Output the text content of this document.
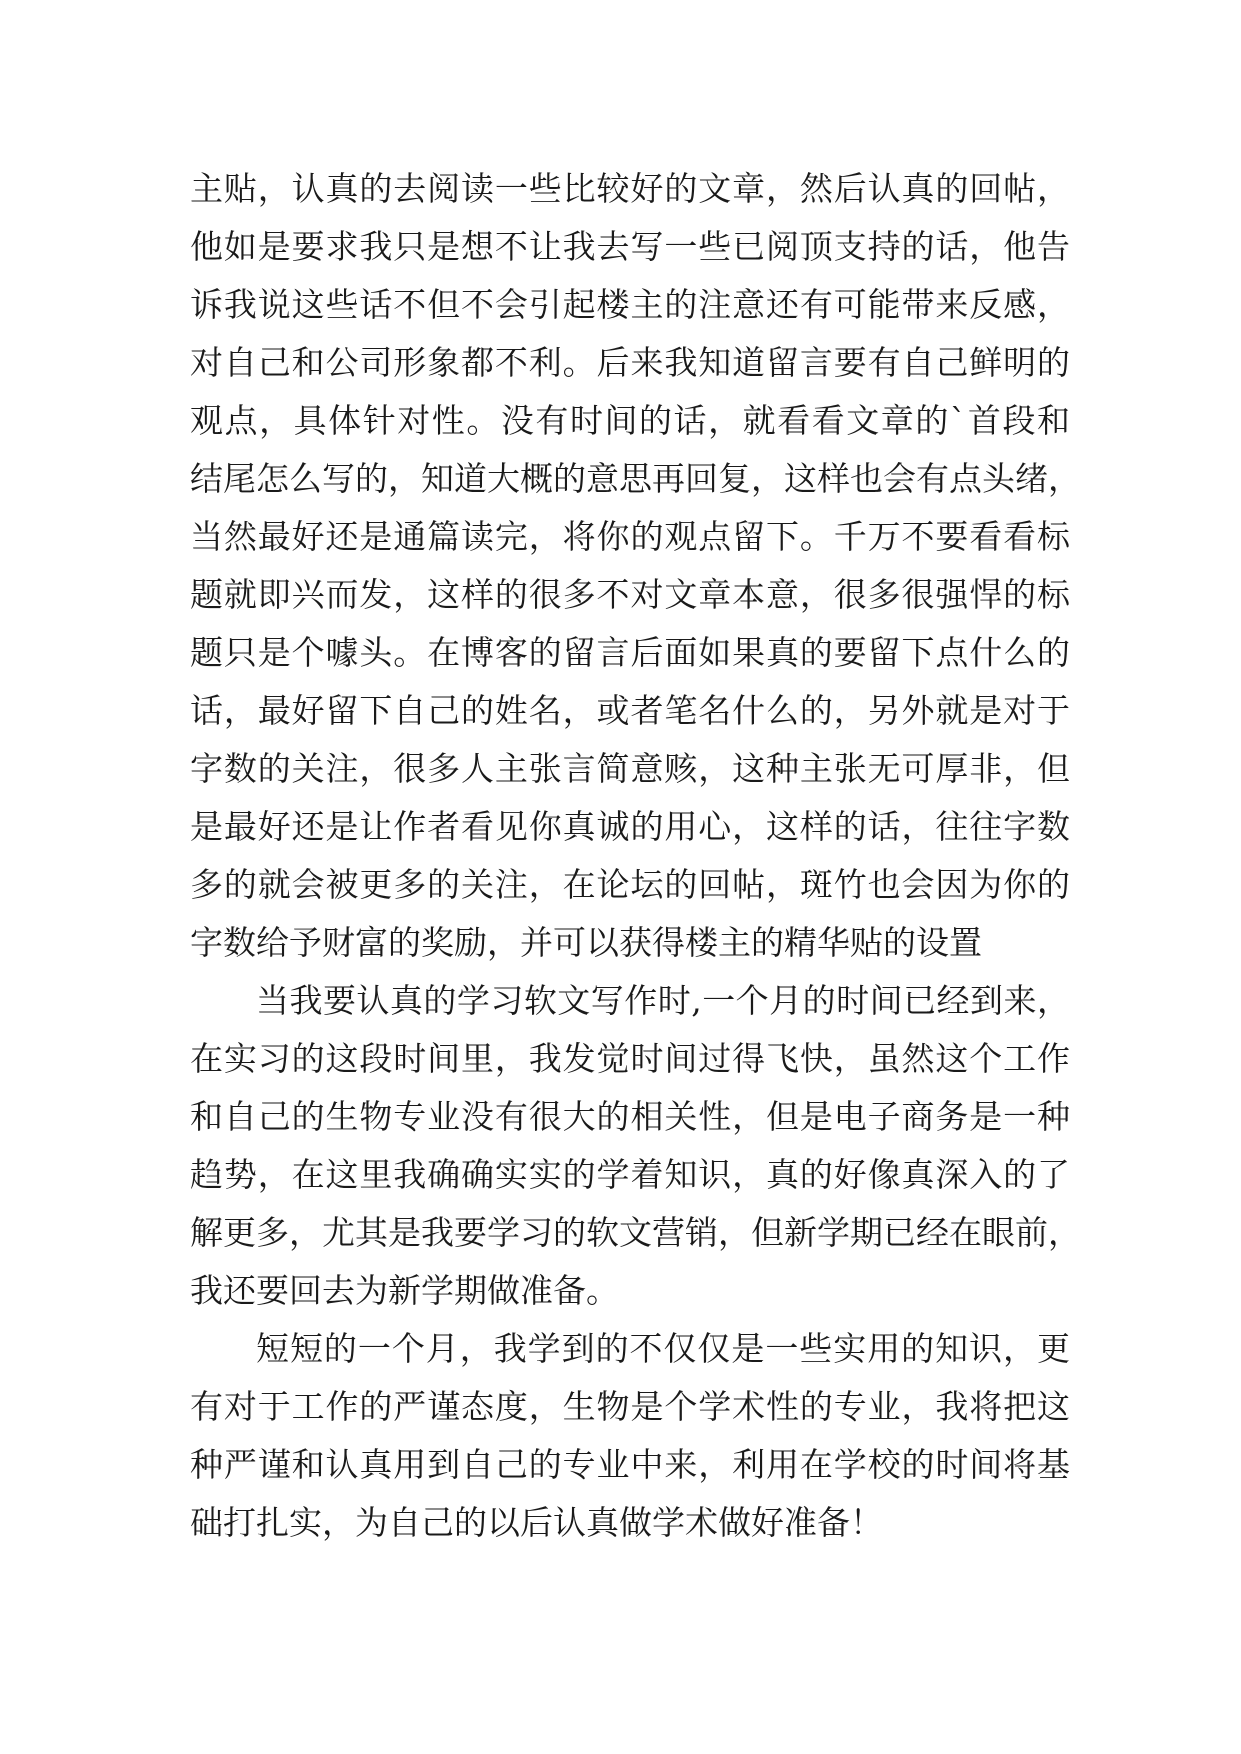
主贴，认真的去阅读一些比较好的文章，然后认真的回帖，
他如是要求我只是想不让我去写一些已阅顶支持的话，他告
诉我说这些话不但不会引起楼主的注意还有可能带来反感，
对自己和公司形象都不利。后来我知道留言要有自己鲜明的
观点，具体针对性。没有时间的话，就看看文章的`首段和
结尾怎么写的，知道大概的意思再回复，这样也会有点头绪，
当然最好还是通篇读完，将你的观点留下。千万不要看看标
题就即兴而发，这样的很多不对文章本意，很多很强悍的标
题只是个噱头。在博客的留言后面如果真的要留下点什么的
话，最好留下自己的姓名，或者笔名什么的，另外就是对于
字数的关注，很多人主张言简意赅，这种主张无可厚非，但
是最好还是让作者看见你真诚的用心，这样的话，往往字数
多的就会被更多的关注，在论坛的回帖，斑竹也会因为你的
字数给予财富的奖励，并可以获得楼主的精华贴的设置
当我要认真的学习软文写作时,一个月的时间已经到来，
在实习的这段时间里，我发觉时间过得飞快，虽然这个工作
和自己的生物专业没有很大的相关性，但是电子商务是一种
趋势，在这里我确确实实的学着知识，真的好像真深入的了
解更多，尤其是我要学习的软文营销，但新学期已经在眼前，
我还要回去为新学期做准备。
短短的一个月，我学到的不仅仅是一些实用的知识，更
有对于工作的严谨态度，生物是个学术性的专业，我将把这
种严谨和认真用到自己的专业中来，利用在学校的时间将基
础打扎实，为自己的以后认真做学术做好准备！
